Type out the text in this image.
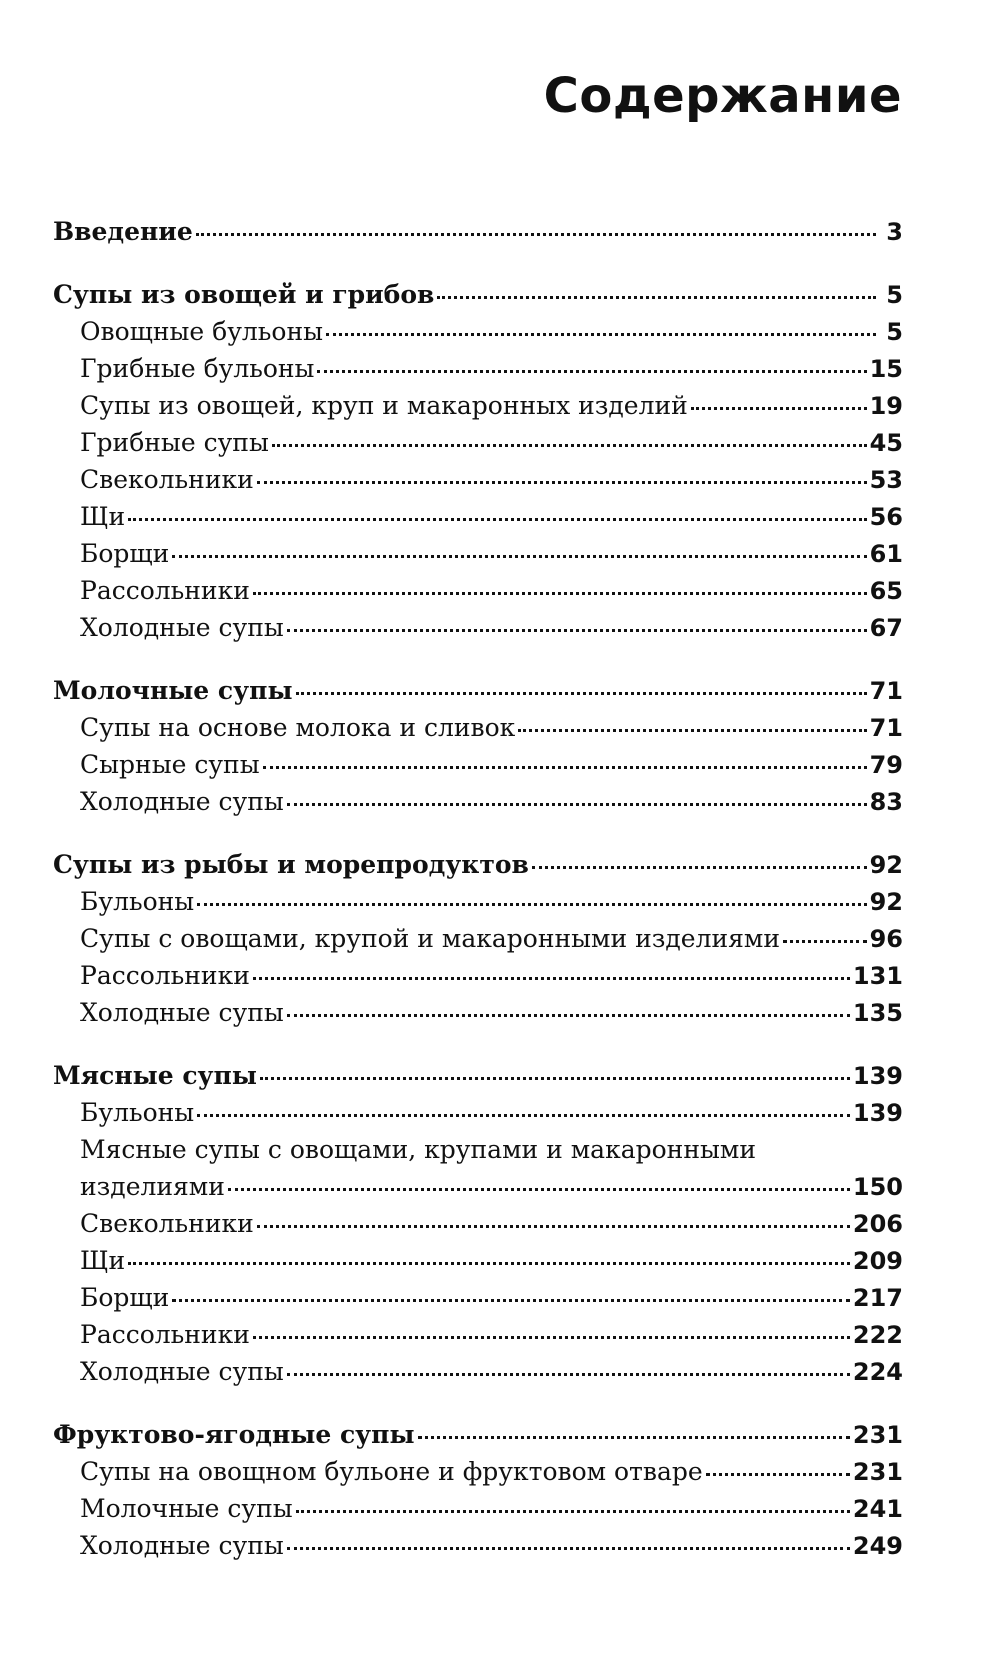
Содержание
Введение	3
Супы из овощей и грибов	5
Овощные бульоны	5
Грибные бульоны	15
Супы из овощей, круп и макаронных изделий	19
Грибные супы	45
Свекольники	53
Щи	56
Борщи	61
Рассольники	65
Холодные супы	67
Молочные супы	71
Супы на основе молока и сливок	71
Сырные супы	79
Холодные супы	83
Супы из рыбы и морепродуктов	92
Бульоны	92
Супы с овощами, крупой и макаронными изделиями	96
Рассольники	131
Холодные супы	135
Мясные супы	139
Бульоны	139
Мясные супы с овощами, крупами и макаронными
изделиями	150
Свекольники	206
Щи	209
Борщи	217
Рассольники	222
Холодные супы	224
Фруктово-ягодные супы	231
Супы на овощном бульоне и фруктовом отваре	231
Молочные супы	241
Холодные супы	249
